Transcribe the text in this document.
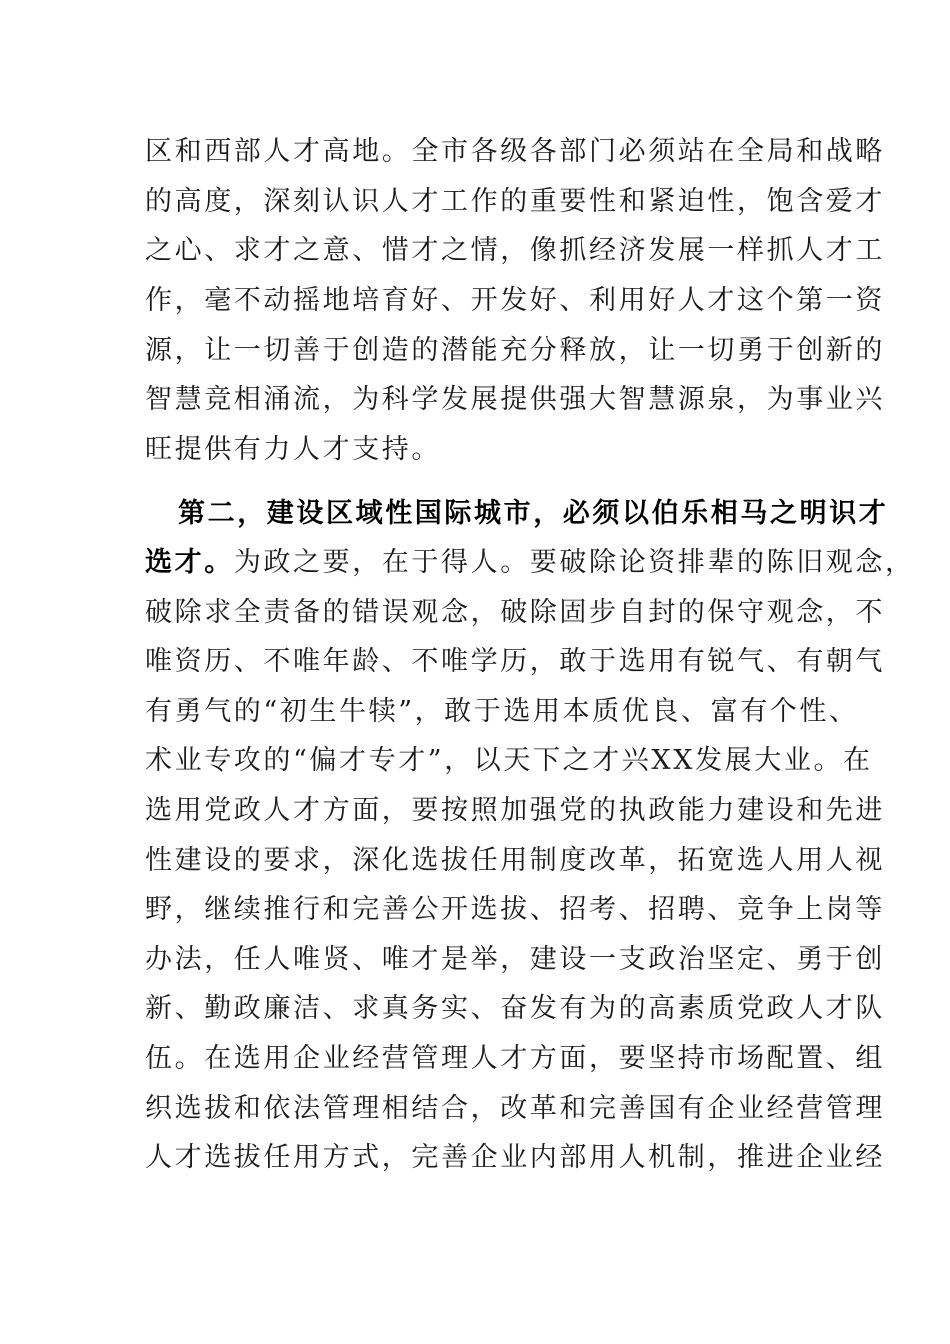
区和西部人才高地。全市各级各部门必须站在全局和战略
的高度，深刻认识人才工作的重要性和紧迫性，饱含爱才
之心、求才之意、惜才之情，像抓经济发展一样抓人才工
作，毫不动摇地培育好、开发好、利用好人才这个第一资
源，让一切善于创造的潜能充分释放，让一切勇于创新的
智慧竞相涌流，为科学发展提供强大智慧源泉，为事业兴
旺提供有力人才支持。
第二，建设区域性国际城市，必须以伯乐相马之明识才
选才。为政之要，在于得人。要破除论资排辈的陈旧观念，
破除求全责备的错误观念，破除固步自封的保守观念，不
唯资历、不唯年龄、不唯学历，敢于选用有锐气、有朝气
有勇气的“初生牛犊”，敢于选用本质优良、富有个性、
术业专攻的“偏才专才”，以天下之才兴XX发展大业。在
选用党政人才方面，要按照加强党的执政能力建设和先进
性建设的要求，深化选拔任用制度改革，拓宽选人用人视
野，继续推行和完善公开选拔、招考、招聘、竞争上岗等
办法，任人唯贤、唯才是举，建设一支政治坚定、勇于创
新、勤政廉洁、求真务实、奋发有为的高素质党政人才队
伍。在选用企业经营管理人才方面，要坚持市场配置、组
织选拔和依法管理相结合，改革和完善国有企业经营管理
人才选拔任用方式，完善企业内部用人机制，推进企业经
